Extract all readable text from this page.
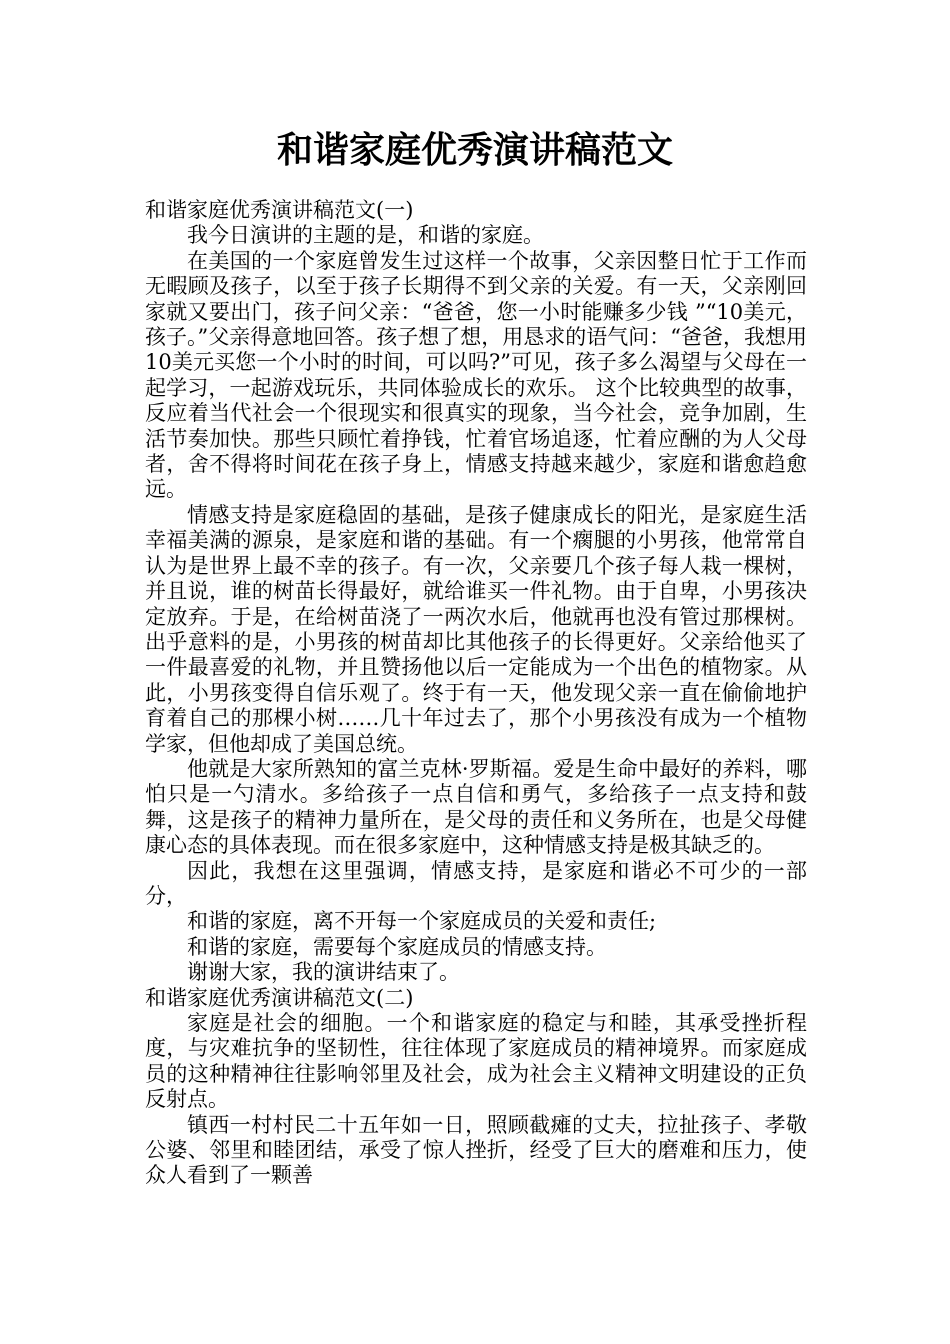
和谐家庭优秀演讲稿范文

和谐家庭优秀演讲稿范文(一)

我今日演讲的主题的是，和谐的家庭。

在美国的一个家庭曾发生过这样一个故事，父亲因整日忙于工作而无暇顾及孩子，以至于孩子长期得不到父亲的关爱。有一天，父亲刚回家就又要出门，孩子问父亲：“爸爸，您一小时能赚多少钱 ”“10美元，孩子。”父亲得意地回答。孩子想了想，用恳求的语气问：“爸爸，我想用10美元买您一个小时的时间，可以吗?”可见，孩子多么渴望与父母在一起学习，一起游戏玩乐，共同体验成长的欢乐。 这个比较典型的故事，反应着当代社会一个很现实和很真实的现象，当今社会，竞争加剧，生活节奏加快。那些只顾忙着挣钱，忙着官场追逐，忙着应酬的为人父母者，舍不得将时间花在孩子身上，情感支持越来越少，家庭和谐愈趋愈远。

情感支持是家庭稳固的基础，是孩子健康成长的阳光，是家庭生活幸福美满的源泉，是家庭和谐的基础。有一个瘸腿的小男孩，他常常自认为是世界上最不幸的孩子。有一次，父亲要几个孩子每人栽一棵树，并且说，谁的树苗长得最好，就给谁买一件礼物。由于自卑，小男孩决定放弃。于是，在给树苗浇了一两次水后，他就再也没有管过那棵树。出乎意料的是，小男孩的树苗却比其他孩子的长得更好。父亲给他买了一件最喜爱的礼物，并且赞扬他以后一定能成为一个出色的植物家。从此，小男孩变得自信乐观了。终于有一天，他发现父亲一直在偷偷地护育着自己的那棵小树……几十年过去了，那个小男孩没有成为一个植物学家，但他却成了美国总统。

他就是大家所熟知的富兰克林·罗斯福。爱是生命中最好的养料，哪怕只是一勺清水。多给孩子一点自信和勇气，多给孩子一点支持和鼓舞，这是孩子的精神力量所在，是父母的责任和义务所在，也是父母健康心态的具体表现。而在很多家庭中，这种情感支持是极其缺乏的。

因此，我想在这里强调，情感支持，是家庭和谐必不可少的一部分，

和谐的家庭，离不开每一个家庭成员的关爱和责任;

和谐的家庭，需要每个家庭成员的情感支持。

谢谢大家，我的演讲结束了。

和谐家庭优秀演讲稿范文(二)

家庭是社会的细胞。一个和谐家庭的稳定与和睦，其承受挫折程度，与灾难抗争的坚韧性，往往体现了家庭成员的精神境界。而家庭成员的这种精神往往影响邻里及社会，成为社会主义精神文明建设的正负反射点。

镇西一村村民二十五年如一日，照顾截瘫的丈夫，拉扯孩子、孝敬公婆、邻里和睦团结，承受了惊人挫折，经受了巨大的磨难和压力，使众人看到了一颗善
